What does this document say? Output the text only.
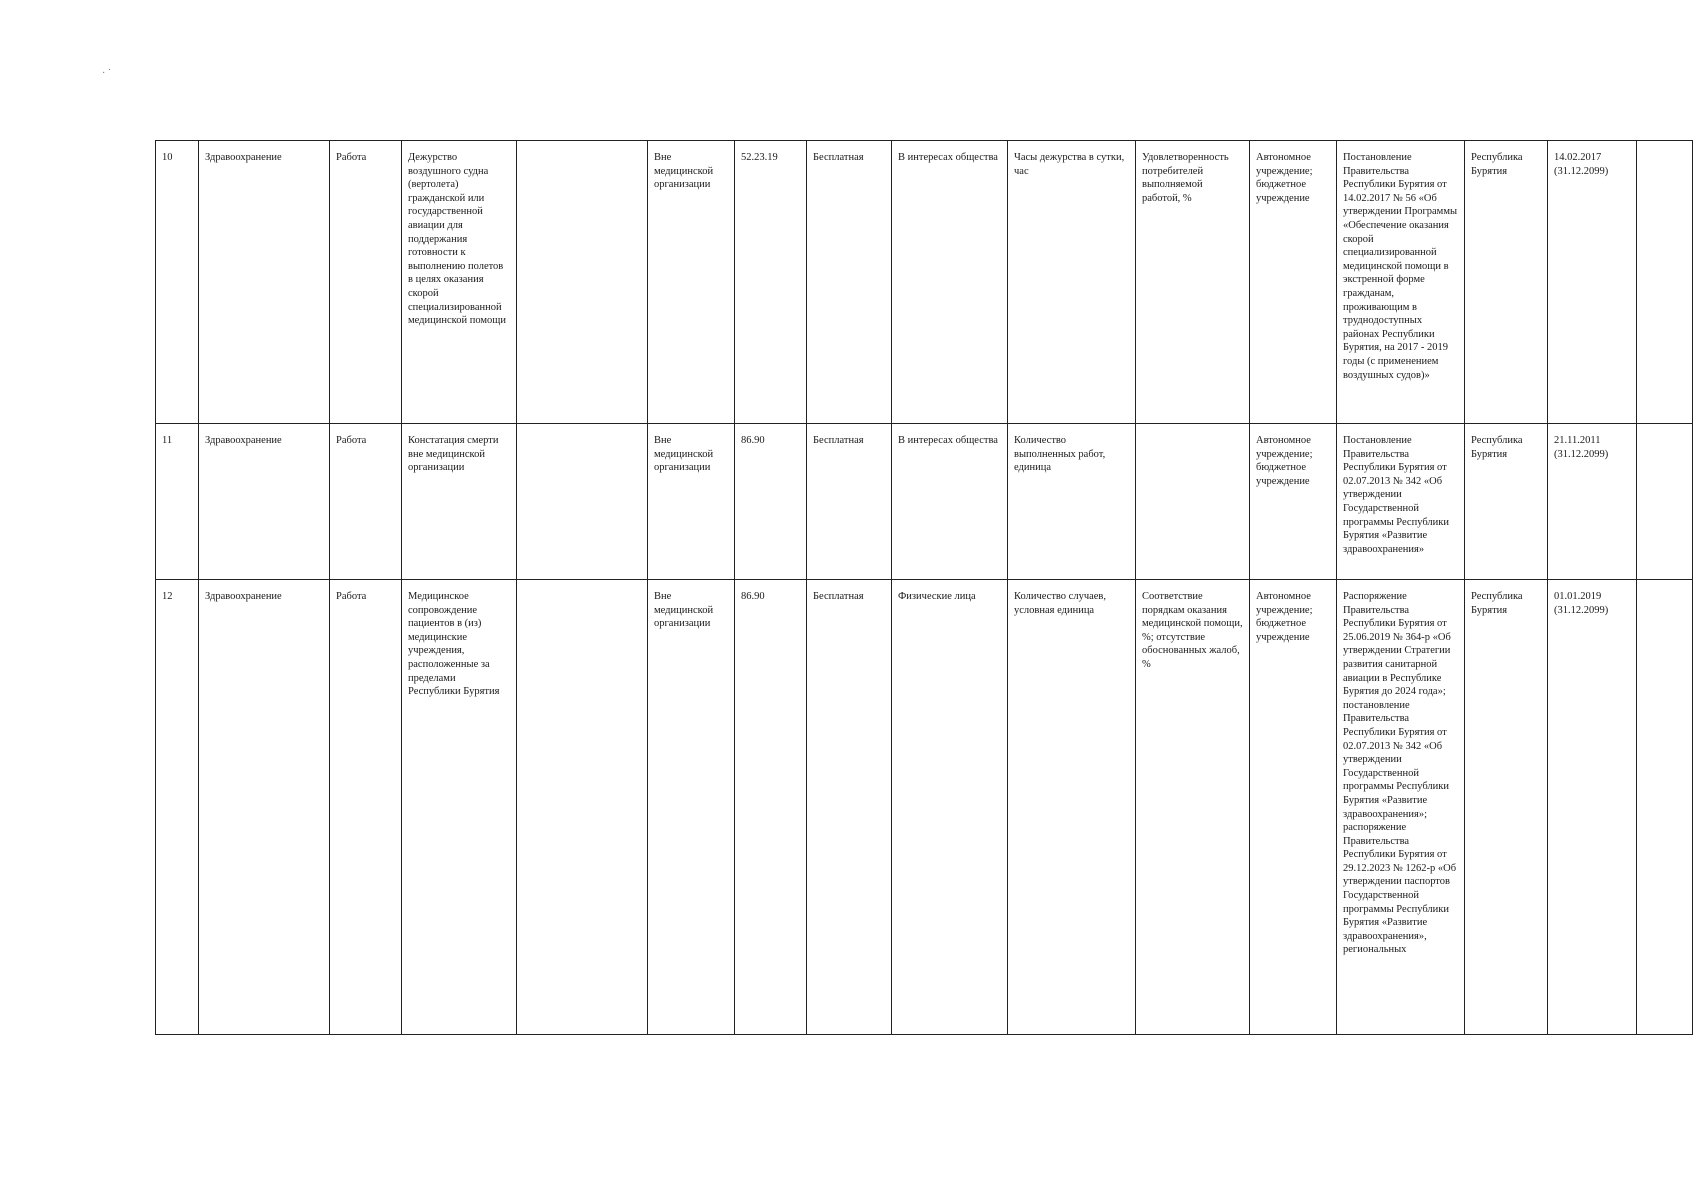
· ˙
10	Здравоохранение	Работа	Дежурство воздушного судна (вертолета) гражданской или государственной авиации для поддержания готовности к выполнению полетов в целях оказания скорой специализированной медицинской помощи		Вне медицинской организации	52.23.19	Бесплатная	В интересах общества	Часы дежурства в сутки, час	Удовлетворенность потребителей выполняемой работой, %	Автономное учреждение; бюджетное учреждение	Постановление Правительства Республики Бурятия от 14.02.2017 № 56 «Об утверждении Программы «Обеспечение оказания скорой специализированной медицинской помощи в экстренной форме гражданам, проживающим в труднодоступных районах Республики Бурятия, на 2017 - 2019 годы (с применением воздушных судов)»	Республика Бурятия	14.02.2017 (31.12.2099)	
11	Здравоохранение	Работа	Констатация смерти вне медицинской организации		Вне медицинской организации	86.90	Бесплатная	В интересах общества	Количество выполненных работ, единица		Автономное учреждение; бюджетное учреждение	Постановление Правительства Республики Бурятия от 02.07.2013 № 342 «Об утверждении Государственной программы Республики Бурятия «Развитие здравоохранения»	Республика Бурятия	21.11.2011 (31.12.2099)	
12	Здравоохранение	Работа	Медицинское сопровождение пациентов в (из) медицинские учреждения, расположенные за пределами Республики Бурятия		Вне медицинской организации	86.90	Бесплатная	Физические лица	Количество случаев, условная единица	Соответствие порядкам оказания медицинской помощи, %; отсутствие обоснованных жалоб, %	Автономное учреждение; бюджетное учреждение	Распоряжение Правительства Республики Бурятия от 25.06.2019 № 364-р «Об утверждении Стратегии развития санитарной авиации в Республике Бурятия до 2024 года»; постановление Правительства Республики Бурятия от 02.07.2013 № 342 «Об утверждении Государственной программы Республики Бурятия «Развитие здравоохранения»; распоряжение Правительства Республики Бурятия от 29.12.2023 № 1262-р «Об утверждении паспортов Государственной программы Республики Бурятия «Развитие здравоохранения», региональных	Республика Бурятия	01.01.2019 (31.12.2099)	
